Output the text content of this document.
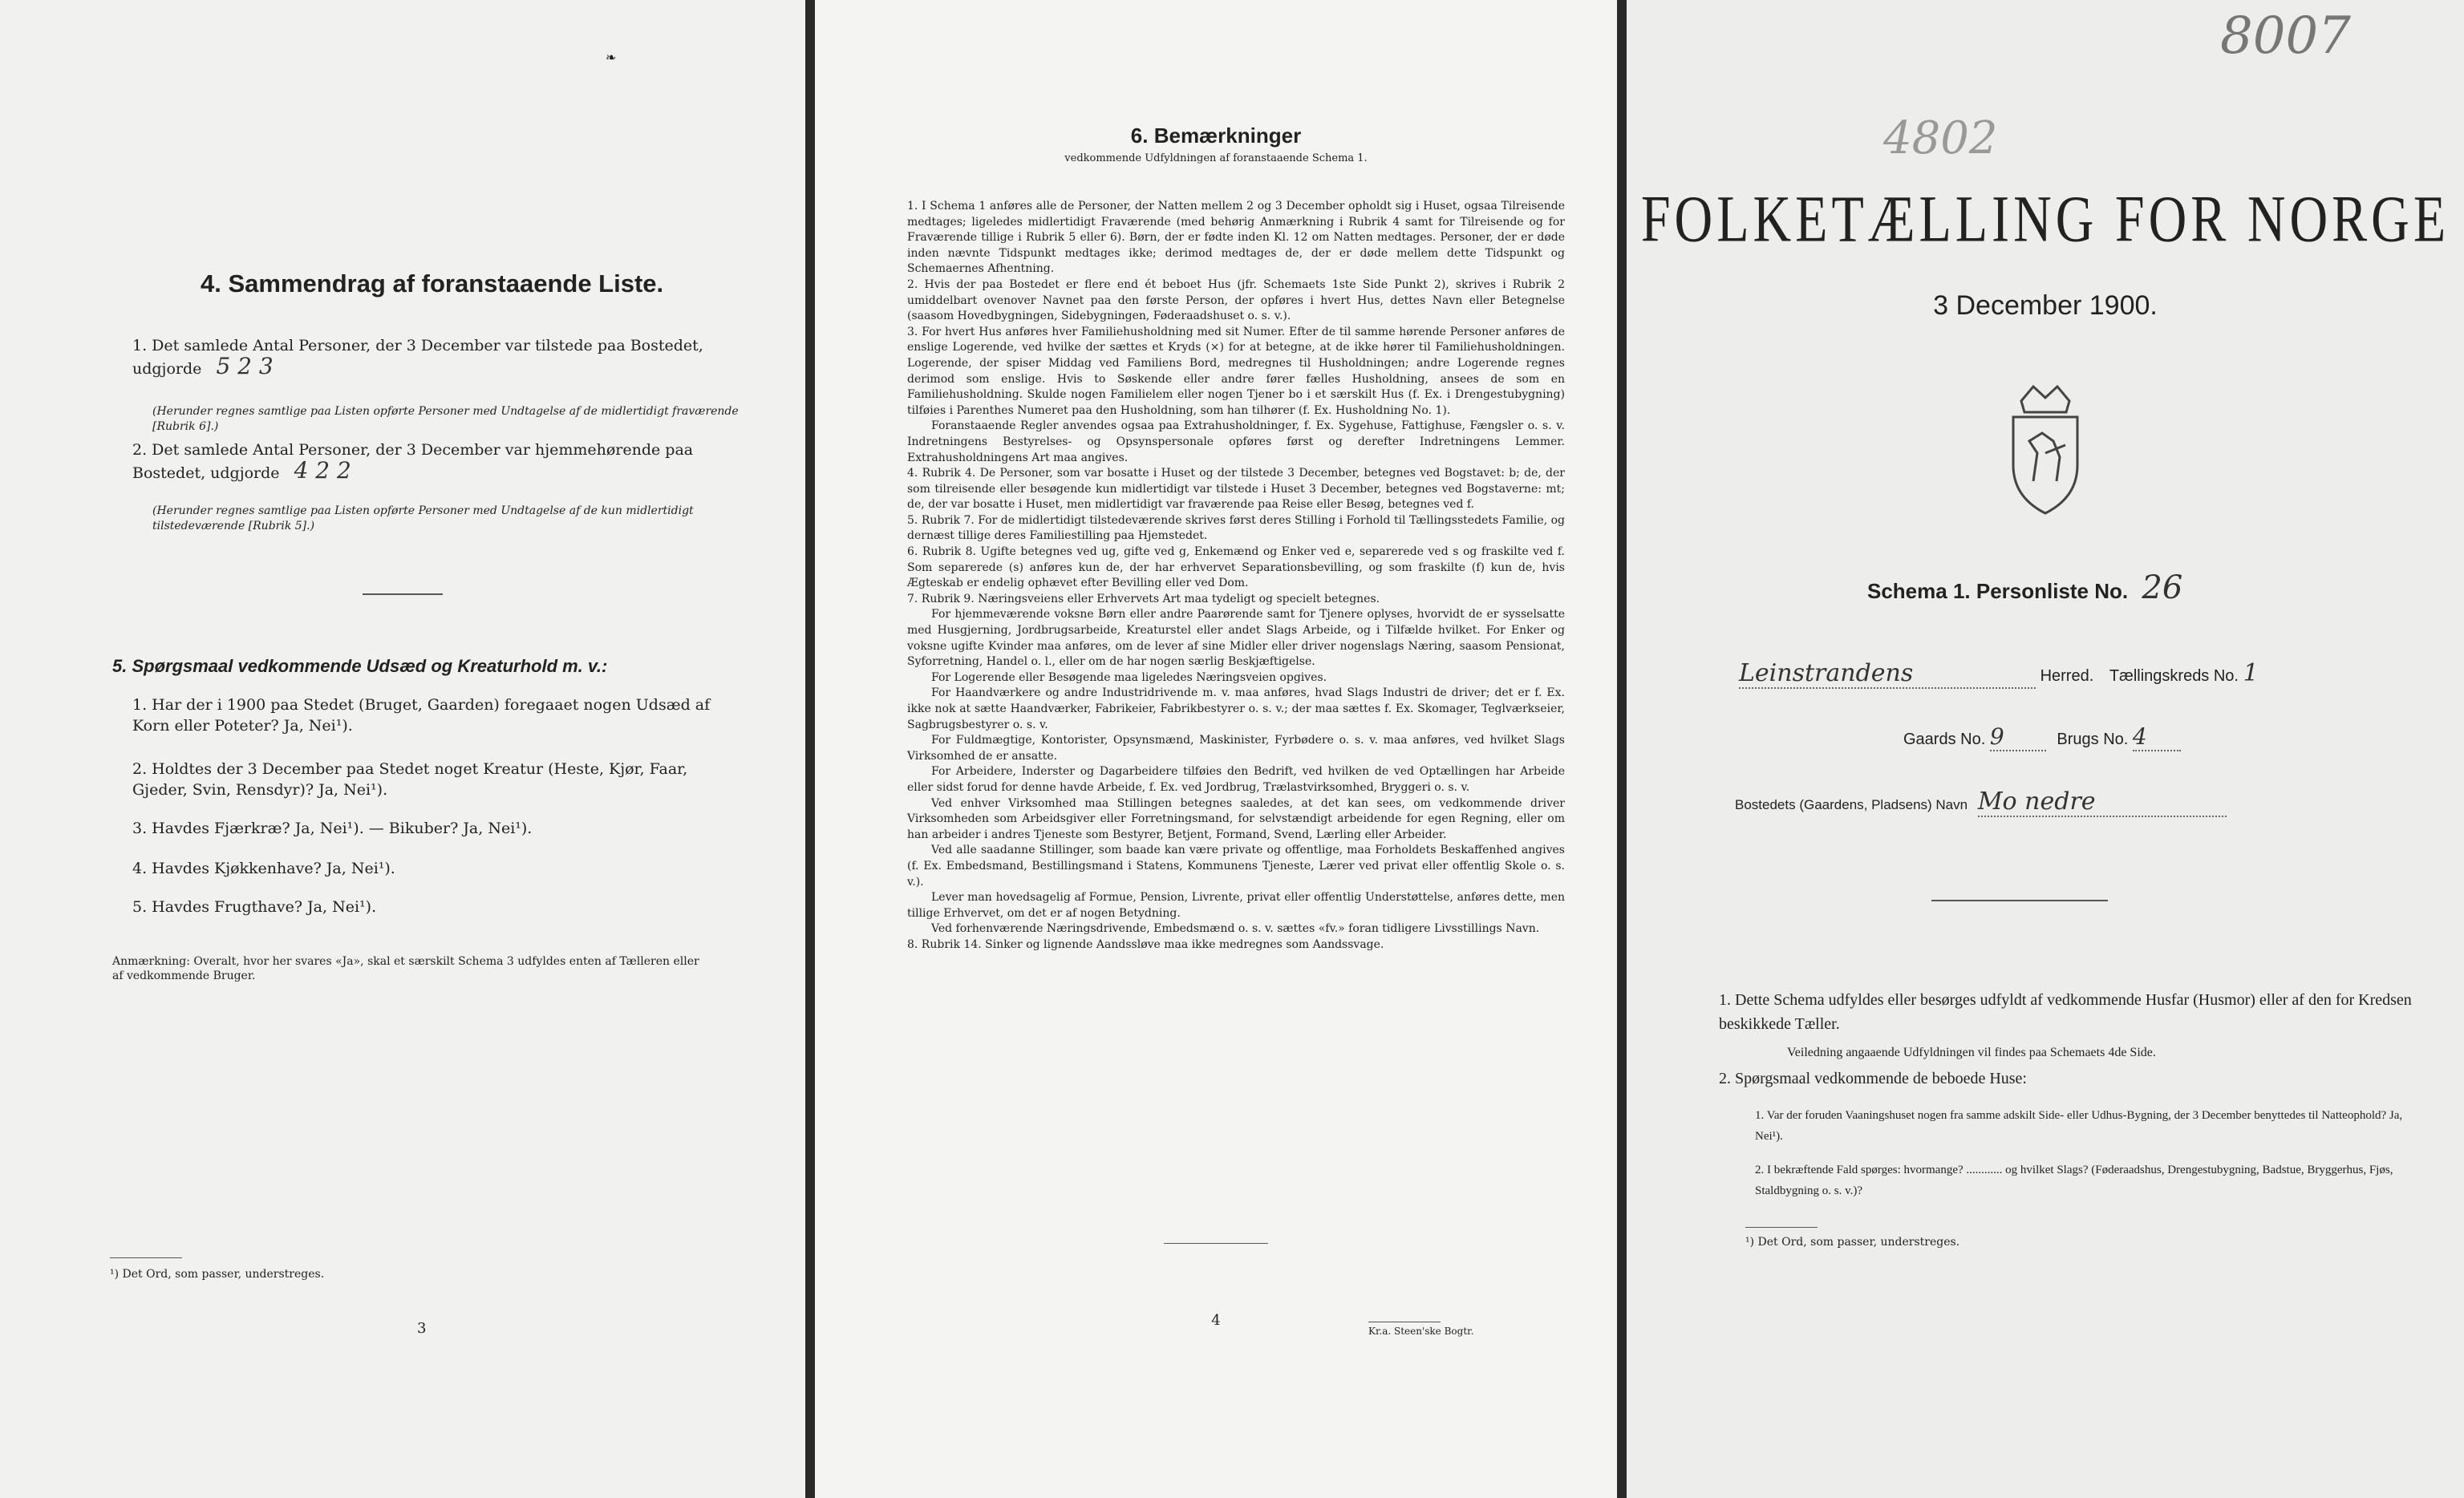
❧
4. Sammendrag af foranstaaende Liste.
1. Det samlede Antal Personer, der 3 December var tilstede paa Bostedet, udgjorde 5 2 3
(Herunder regnes samtlige paa Listen opførte Personer med Undtagelse af de midlertidigt fraværende [Rubrik 6].)
2. Det samlede Antal Personer, der 3 December var hjemmehørende paa Bostedet, udgjorde 4 2 2
(Herunder regnes samtlige paa Listen opførte Personer med Undtagelse af de kun midlertidigt tilstedeværende [Rubrik 5].)
5. Spørgsmaal vedkommende Udsæd og Kreaturhold m. v.:
1. Har der i 1900 paa Stedet (Bruget, Gaarden) foregaaet nogen Udsæd af Korn eller Poteter? Ja, Nei¹).
2. Holdtes der 3 December paa Stedet noget Kreatur (Heste, Kjør, Faar, Gjeder, Svin, Rensdyr)? Ja, Nei¹).
3. Havdes Fjærkræ? Ja, Nei¹). — Bikuber? Ja, Nei¹).
4. Havdes Kjøkkenhave? Ja, Nei¹).
5. Havdes Frugthave? Ja, Nei¹).
Anmærkning: Overalt, hvor her svares «Ja», skal et særskilt Schema 3 udfyldes enten af Tælleren eller af vedkommende Bruger.
¹) Det Ord, som passer, understreges.
3
6. Bemærkninger
vedkommende Udfyldningen af foranstaaende Schema 1.
1. I Schema 1 anføres alle de Personer, der Natten mellem 2 og 3 December opholdt sig i Huset, ogsaa Tilreisende medtages; ligeledes midlertidigt Fraværende (med behørig Anmærkning i Rubrik 4 samt for Tilreisende og for Fraværende tillige i Rubrik 5 eller 6). Børn, der er fødte inden Kl. 12 om Natten medtages. Personer, der er døde inden nævnte Tidspunkt medtages ikke; derimod medtages de, der er døde mellem dette Tidspunkt og Schemaernes Afhentning.
2. Hvis der paa Bostedet er flere end ét beboet Hus (jfr. Schemaets 1ste Side Punkt 2), skrives i Rubrik 2 umiddelbart ovenover Navnet paa den første Person, der opføres i hvert Hus, dettes Navn eller Betegnelse (saasom Hovedbygningen, Sidebygningen, Føderaadshuset o. s. v.).
3. For hvert Hus anføres hver Familiehusholdning med sit Numer. Efter de til samme hørende Personer anføres de enslige Logerende, ved hvilke der sættes et Kryds (×) for at betegne, at de ikke hører til Familiehusholdningen. Logerende, der spiser Middag ved Familiens Bord, medregnes til Husholdningen; andre Logerende regnes derimod som enslige. Hvis to Søskende eller andre fører fælles Husholdning, ansees de som en Familiehusholdning. Skulde nogen Familielem eller nogen Tjener bo i et særskilt Hus (f. Ex. i Drengestubygning) tilføies i Parenthes Numeret paa den Husholdning, som han tilhører (f. Ex. Husholdning No. 1).
Foranstaaende Regler anvendes ogsaa paa Extrahusholdninger, f. Ex. Sygehuse, Fattighuse, Fængsler o. s. v. Indretningens Bestyrelses- og Opsynspersonale opføres først og derefter Indretningens Lemmer. Extrahusholdningens Art maa angives.
4. Rubrik 4. De Personer, som var bosatte i Huset og der tilstede 3 December, betegnes ved Bogstavet: b; de, der som tilreisende eller besøgende kun midlertidigt var tilstede i Huset 3 December, betegnes ved Bogstaverne: mt; de, der var bosatte i Huset, men midlertidigt var fraværende paa Reise eller Besøg, betegnes ved f.
5. Rubrik 7. For de midlertidigt tilstedeværende skrives først deres Stilling i Forhold til Tællingsstedets Familie, og dernæst tillige deres Familiestilling paa Hjemstedet.
6. Rubrik 8. Ugifte betegnes ved ug, gifte ved g, Enkemænd og Enker ved e, separerede ved s og fraskilte ved f. Som separerede (s) anføres kun de, der har erhvervet Separationsbevilling, og som fraskilte (f) kun de, hvis Ægteskab er endelig ophævet efter Bevilling eller ved Dom.
7. Rubrik 9. Næringsveiens eller Erhvervets Art maa tydeligt og specielt betegnes.
For hjemmeværende voksne Børn eller andre Paarørende samt for Tjenere oplyses, hvorvidt de er sysselsatte med Husgjerning, Jordbrugsarbeide, Kreaturstel eller andet Slags Arbeide, og i Tilfælde hvilket. For Enker og voksne ugifte Kvinder maa anføres, om de lever af sine Midler eller driver nogenslags Næring, saasom Pensionat, Syforretning, Handel o. l., eller om de har nogen særlig Beskjæftigelse.
For Logerende eller Besøgende maa ligeledes Næringsveien opgives.
For Haandværkere og andre Industridrivende m. v. maa anføres, hvad Slags Industri de driver; det er f. Ex. ikke nok at sætte Haandværker, Fabrikeier, Fabrikbestyrer o. s. v.; der maa sættes f. Ex. Skomager, Teglværkseier, Sagbrugsbestyrer o. s. v.
For Fuldmægtige, Kontorister, Opsynsmænd, Maskinister, Fyrbødere o. s. v. maa anføres, ved hvilket Slags Virksomhed de er ansatte.
For Arbeidere, Inderster og Dagarbeidere tilføies den Bedrift, ved hvilken de ved Optællingen har Arbeide eller sidst forud for denne havde Arbeide, f. Ex. ved Jordbrug, Trælastvirksomhed, Bryggeri o. s. v.
Ved enhver Virksomhed maa Stillingen betegnes saaledes, at det kan sees, om vedkommende driver Virksomheden som Arbeidsgiver eller Forretningsmand, for selvstændigt arbeidende for egen Regning, eller om han arbeider i andres Tjeneste som Bestyrer, Betjent, Formand, Svend, Lærling eller Arbeider.
Ved alle saadanne Stillinger, som baade kan være private og offentlige, maa Forholdets Beskaffenhed angives (f. Ex. Embedsmand, Bestillingsmand i Statens, Kommunens Tjeneste, Lærer ved privat eller offentlig Skole o. s. v.).
Lever man hovedsagelig af Formue, Pension, Livrente, privat eller offentlig Understøttelse, anføres dette, men tillige Erhvervet, om det er af nogen Betydning.
Ved forhenværende Næringsdrivende, Embedsmænd o. s. v. sættes «fv.» foran tidligere Livsstillings Navn.
8. Rubrik 14. Sinker og lignende Aandssløve maa ikke medregnes som Aandssvage.
4
Kr.a. Steen'ske Bogtr.
8007
4802
FOLKETÆLLING FOR NORGE
3 December 1900.
Schema 1. Personliste No. 26
Leinstrandens	Herred. Tællingskreds No. 1
Gaards No. 9	Brugs No. 4
Bostedets (Gaardens, Pladsens) Navn Mo nedre
1. Dette Schema udfyldes eller besørges udfyldt af vedkommende Husfar (Husmor) eller af den for Kredsen beskikkede Tæller.
Veiledning angaaende Udfyldningen vil findes paa Schemaets 4de Side.
2. Spørgsmaal vedkommende de beboede Huse:
1. Var der foruden Vaaningshuset nogen fra samme adskilt Side- eller Udhus-Bygning, der 3 December benyttedes til Natteophold? Ja, Nei¹).
2. I bekræftende Fald spørges: hvormange? ............ og hvilket Slags? (Føderaadshus, Drengestubygning, Badstue, Bryggerhus, Fjøs, Staldbygning o. s. v.)?
¹) Det Ord, som passer, understreges.
